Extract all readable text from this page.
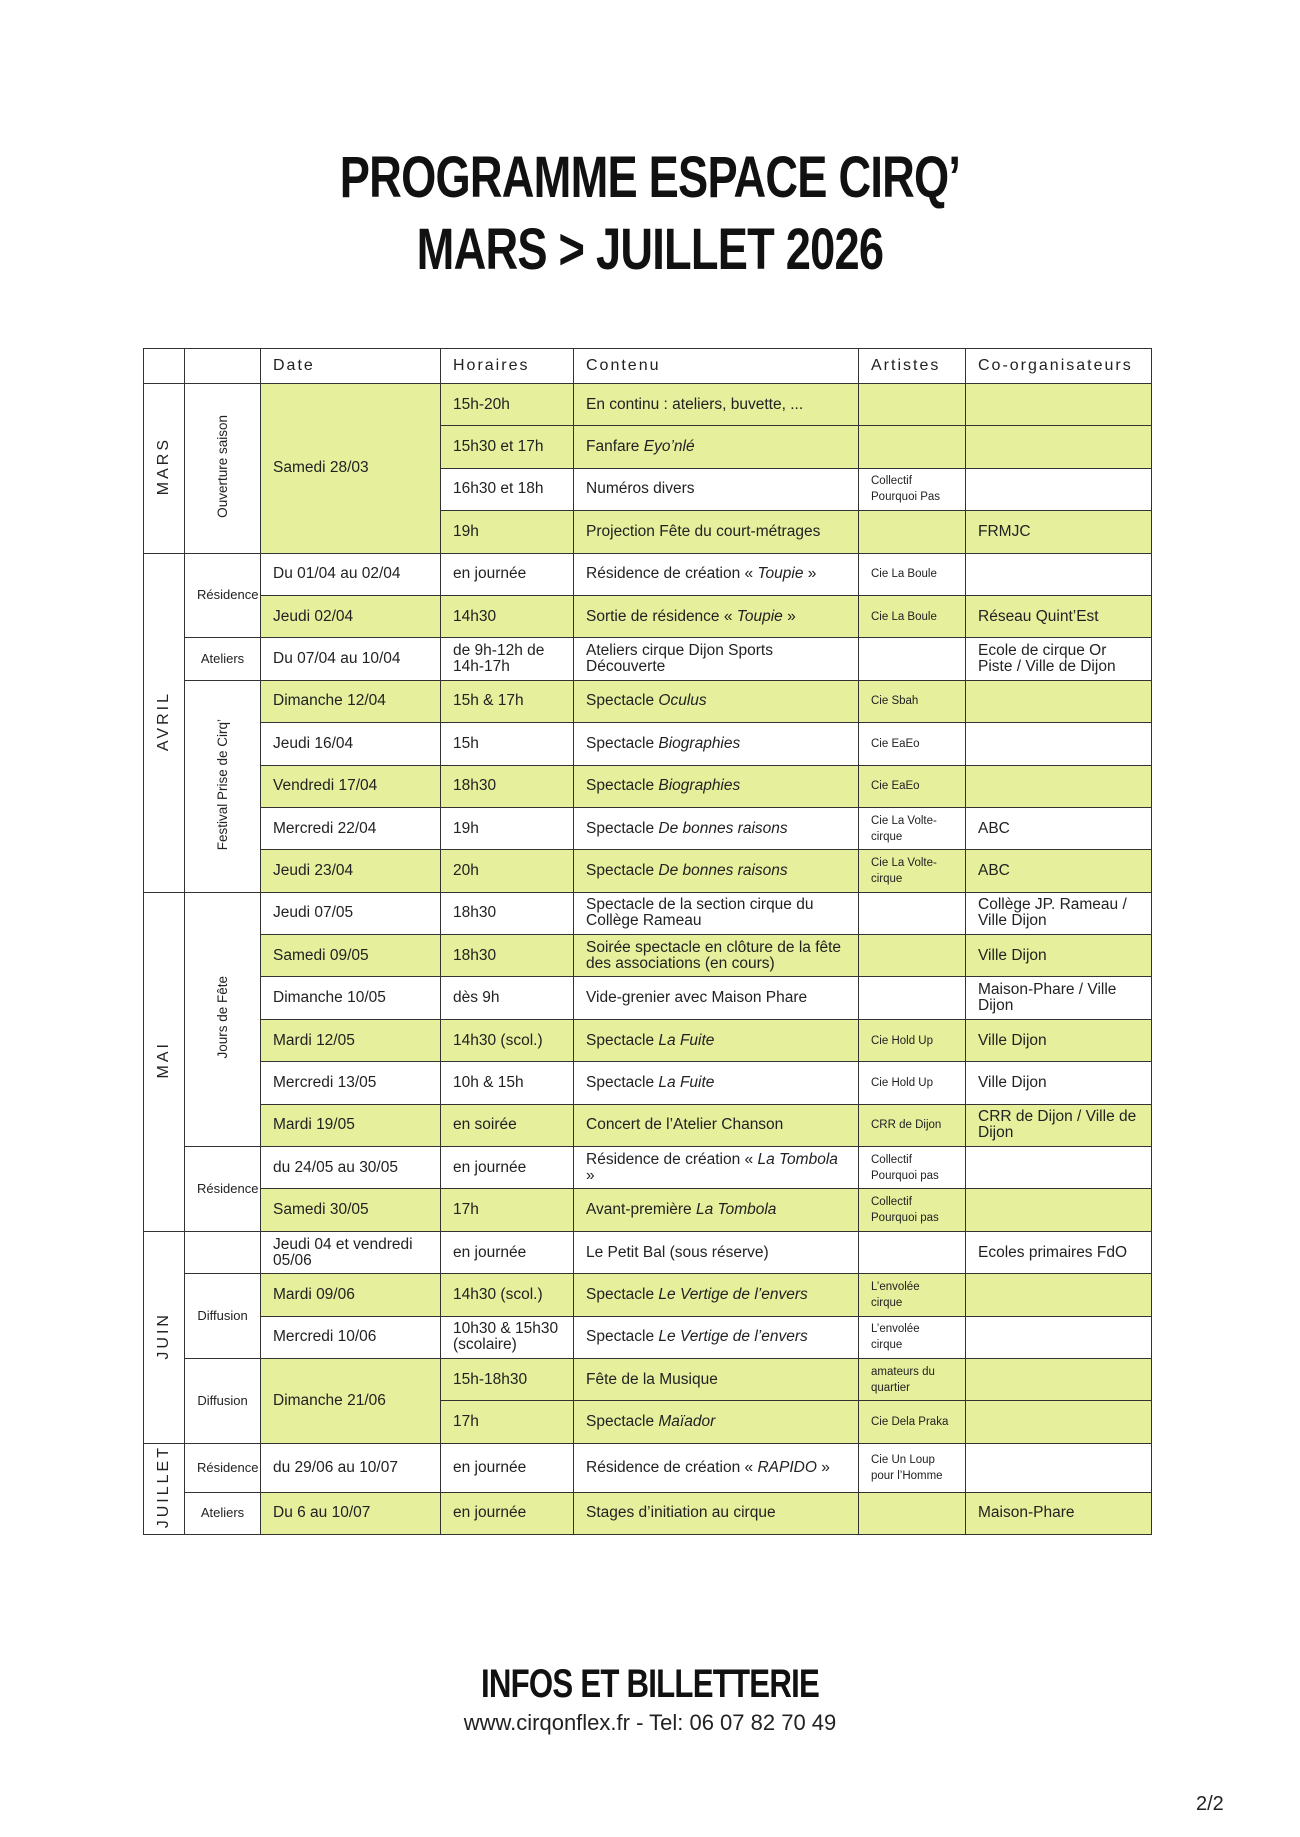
PROGRAMME ESPACE CIRQ’
MARS > JUILLET 2026
		Date	Horaires	Contenu	Artistes	Co-organisateurs
MARS	Ouverture saison	Samedi 28/03	15h-20h	En continu : ateliers, buvette, ...		
			15h30 et 17h	Fanfare Eyo’nlé		
			16h30 et 18h	Numéros divers	Collectif Pourquoi Pas	
			19h	Projection Fête du court-métrages		FRMJC
AVRIL	Résidence	Du 01/04 au 02/04	en journée	Résidence de création « Toupie »	Cie La Boule	
		Jeudi 02/04	14h30	Sortie de résidence « Toupie »	Cie La Boule	Réseau Quint’Est
	Ateliers	Du 07/04 au 10/04	de 9h-12h de 14h-17h	Ateliers cirque Dijon Sports Découverte		Ecole de cirque Or Piste / Ville de Dijon
	Festival Prise de Cirq’	Dimanche 12/04	15h & 17h	Spectacle Oculus	Cie Sbah	
		Jeudi 16/04	15h	Spectacle Biographies	Cie EaEo	
		Vendredi 17/04	18h30	Spectacle Biographies	Cie EaEo	
		Mercredi 22/04	19h	Spectacle De bonnes raisons	Cie La Volte-cirque	ABC
		Jeudi 23/04	20h	Spectacle De bonnes raisons	Cie La Volte-cirque	ABC
MAI	Jours de Fête	Jeudi 07/05	18h30	Spectacle de la section cirque du Collège Rameau		Collège JP. Rameau / Ville Dijon
		Samedi 09/05	18h30	Soirée spectacle en clôture de la fête des associations (en cours)		Ville Dijon
		Dimanche 10/05	dès 9h	Vide-grenier avec Maison Phare		Maison-Phare / Ville Dijon
		Mardi 12/05	14h30 (scol.)	Spectacle La Fuite	Cie Hold Up	Ville Dijon
		Mercredi 13/05	10h & 15h	Spectacle La Fuite	Cie Hold Up	Ville Dijon
		Mardi 19/05	en soirée	Concert de l’Atelier Chanson	CRR de Dijon	CRR de Dijon / Ville de Dijon
	Résidence	du 24/05 au 30/05	en journée	Résidence de création « La Tombola »	Collectif Pourquoi pas	
		Samedi 30/05	17h	Avant-première La Tombola	Collectif Pourquoi pas	
JUIN		Jeudi 04 et vendredi 05/06	en journée	Le Petit Bal (sous réserve)		Ecoles primaires FdO
	Diffusion	Mardi 09/06	14h30 (scol.)	Spectacle Le Vertige de l’envers	L’envolée cirque	
		Mercredi 10/06	10h30 & 15h30 (scolaire)	Spectacle Le Vertige de l’envers	L’envolée cirque	
	Diffusion	Dimanche 21/06	15h-18h30	Fête de la Musique	amateurs du quartier	
			17h	Spectacle Maïador	Cie Dela Praka	
JUILLET	Résidence	du 29/06 au 10/07	en journée	Résidence de création « RAPIDO »	Cie Un Loup pour l’Homme	
	Ateliers	Du 6 au 10/07	en journée	Stages d’initiation au cirque		Maison-Phare
INFOS ET BILLETTERIE
www.cirqonflex.fr - Tel: 06 07 82 70 49
2/2
